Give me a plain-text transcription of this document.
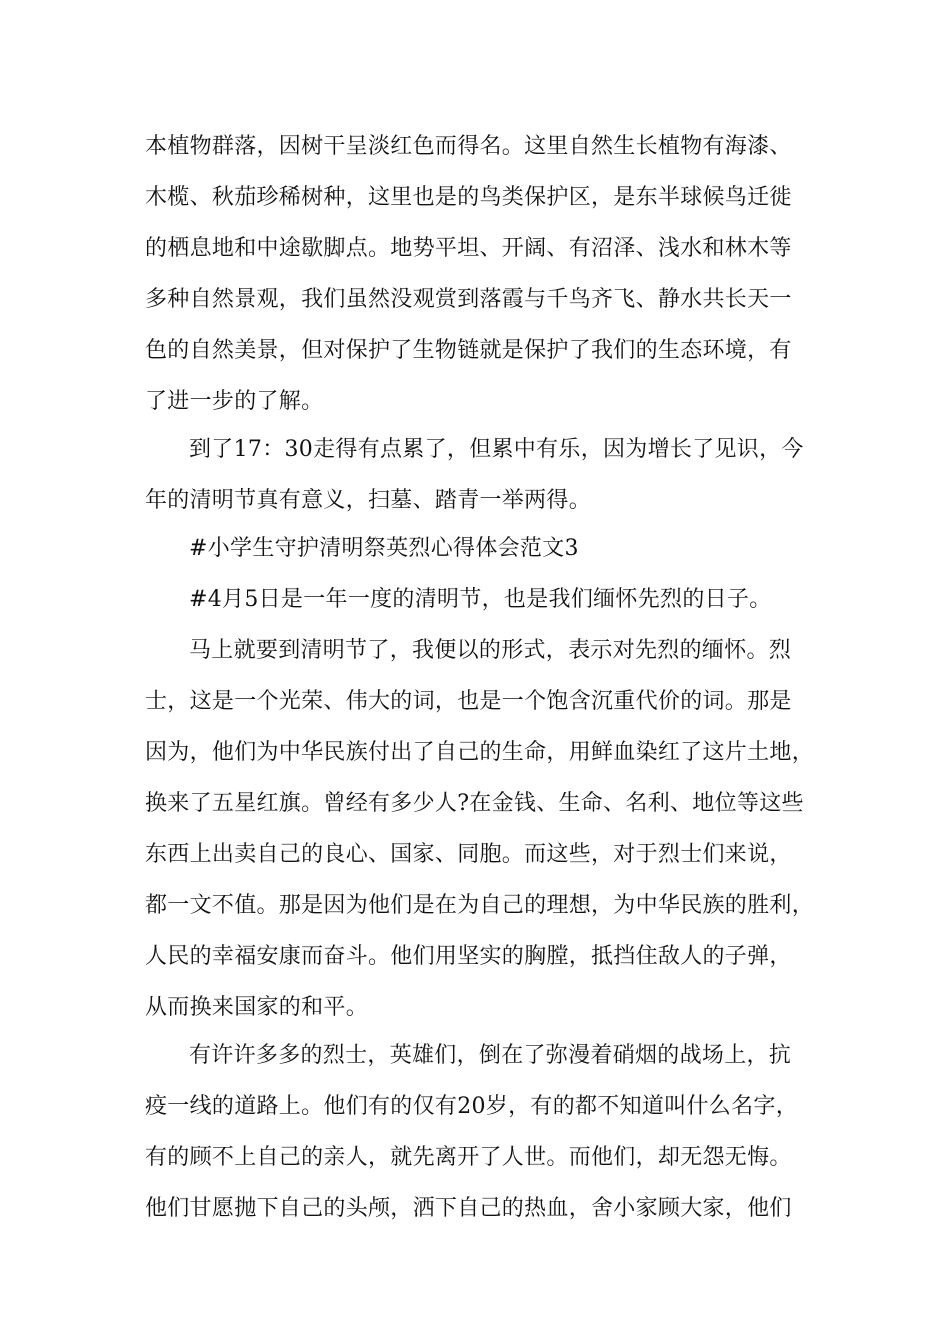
本植物群落，因树干呈淡红色而得名。这里自然生长植物有海漆、
木榄、秋茄珍稀树种，这里也是的鸟类保护区，是东半球候鸟迁徙
的栖息地和中途歇脚点。地势平坦、开阔、有沼泽、浅水和林木等
多种自然景观，我们虽然没观赏到落霞与千鸟齐飞、静水共长天一
色的自然美景，但对保护了生物链就是保护了我们的生态环境，有
了进一步的了解。
到了17：30走得有点累了，但累中有乐，因为增长了见识，今
年的清明节真有意义，扫墓、踏青一举两得。
#小学生守护清明祭英烈心得体会范文3
#4月5日是一年一度的清明节，也是我们缅怀先烈的日子。
马上就要到清明节了，我便以的形式，表示对先烈的缅怀。烈
士，这是一个光荣、伟大的词，也是一个饱含沉重代价的词。那是
因为，他们为中华民族付出了自己的生命，用鲜血染红了这片土地，
换来了五星红旗。曾经有多少人?在金钱、生命、名利、地位等这些
东西上出卖自己的良心、国家、同胞。而这些，对于烈士们来说，
都一文不值。那是因为他们是在为自己的理想，为中华民族的胜利，
人民的幸福安康而奋斗。他们用坚实的胸膛，抵挡住敌人的子弹，
从而换来国家的和平。
有许许多多的烈士，英雄们，倒在了弥漫着硝烟的战场上，抗
疫一线的道路上。他们有的仅有20岁，有的都不知道叫什么名字，
有的顾不上自己的亲人，就先离开了人世。而他们，却无怨无悔。
他们甘愿抛下自己的头颅，洒下自己的热血，舍小家顾大家，他们
